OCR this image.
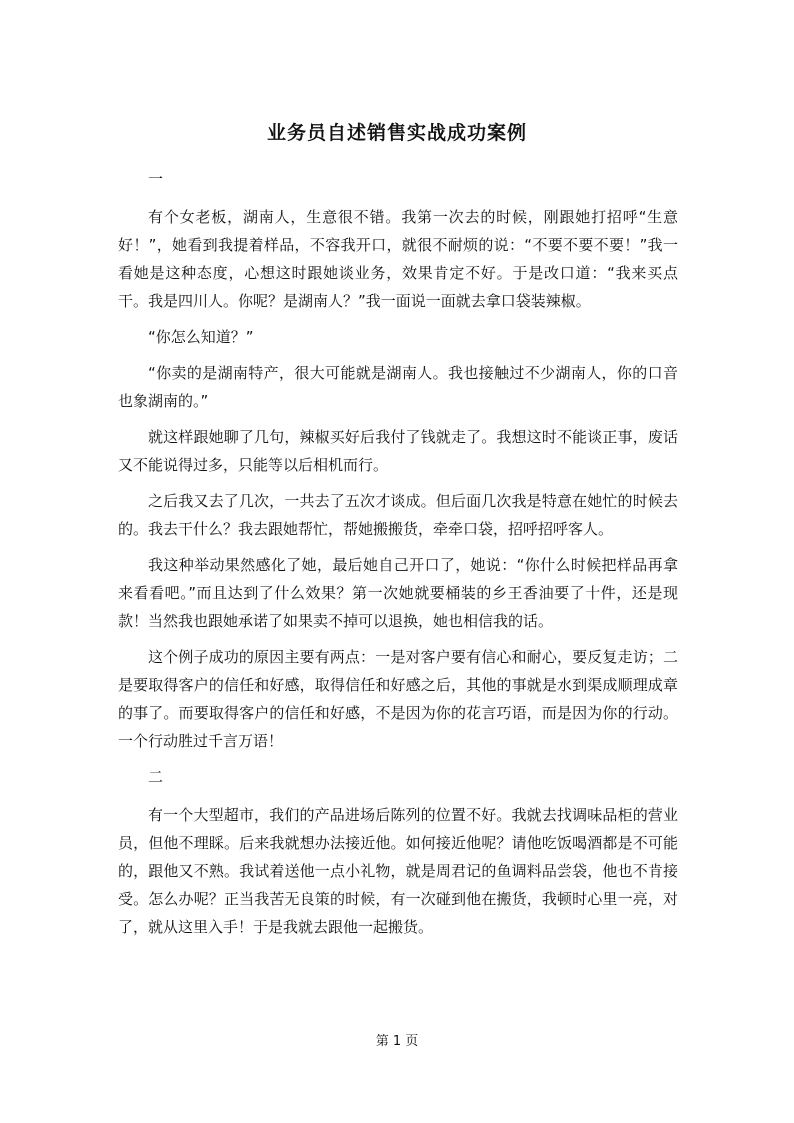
业务员自述销售实战成功案例

一

有个女老板，湖南人，生意很不错。我第一次去的时候，刚跟她打招呼“生意好！”，她看到我提着样品，不容我开口，就很不耐烦的说：“不要不要不要！”我一看她是这种态度，心想这时跟她谈业务，效果肯定不好。于是改口道：“我来买点干。我是四川人。你呢？是湖南人？”我一面说一面就去拿口袋装辣椒。

“你怎么知道？”

“你卖的是湖南特产，很大可能就是湖南人。我也接触过不少湖南人，你的口音也象湖南的。”

就这样跟她聊了几句，辣椒买好后我付了钱就走了。我想这时不能谈正事，废话又不能说得过多，只能等以后相机而行。

之后我又去了几次，一共去了五次才谈成。但后面几次我是特意在她忙的时候去的。我去干什么？我去跟她帮忙，帮她搬搬货，牵牵口袋，招呼招呼客人。

我这种举动果然感化了她，最后她自己开口了，她说：“你什么时候把样品再拿来看看吧。”而且达到了什么效果？第一次她就要桶装的乡王香油要了十件，还是现款！当然我也跟她承诺了如果卖不掉可以退换，她也相信我的话。

这个例子成功的原因主要有两点：一是对客户要有信心和耐心，要反复走访；二是要取得客户的信任和好感，取得信任和好感之后，其他的事就是水到渠成顺理成章的事了。而要取得客户的信任和好感，不是因为你的花言巧语，而是因为你的行动。一个行动胜过千言万语！

二

有一个大型超市，我们的产品进场后陈列的位置不好。我就去找调味品柜的营业员，但他不理睬。后来我就想办法接近他。如何接近他呢？请他吃饭喝酒都是不可能的，跟他又不熟。我试着送他一点小礼物，就是周君记的鱼调料品尝袋，他也不肯接受。怎么办呢？正当我苦无良策的时候，有一次碰到他在搬货，我顿时心里一亮，对了，就从这里入手！于是我就去跟他一起搬货。

第 1 页
